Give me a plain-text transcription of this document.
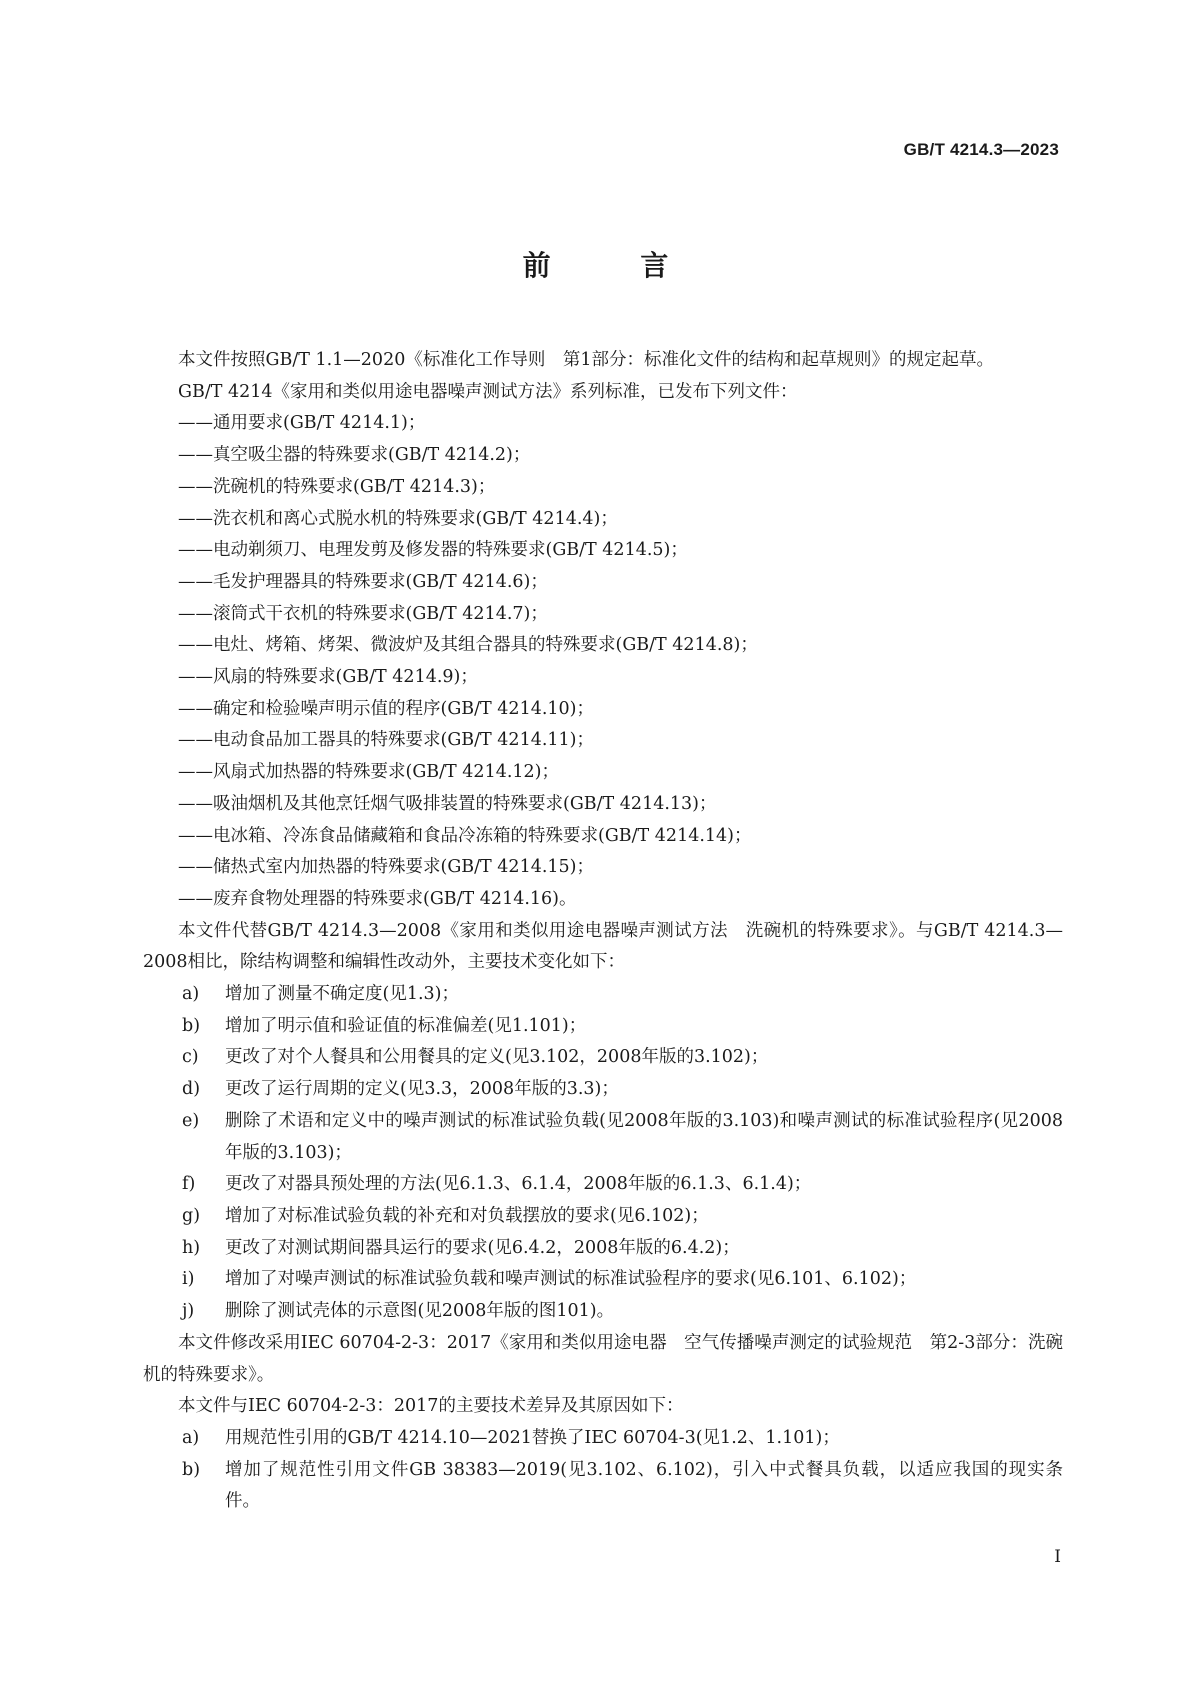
GB/T 4214.3—2023
前 言

本文件按照GB/T 1.1—2020《标准化工作导则　第1部分：标准化文件的结构和起草规则》的规定起草。

GB/T 4214《家用和类似用途电器噪声测试方法》系列标准，已发布下列文件：

——通用要求(GB/T 4214.1)；

——真空吸尘器的特殊要求(GB/T 4214.2)；

——洗碗机的特殊要求(GB/T 4214.3)；

——洗衣机和离心式脱水机的特殊要求(GB/T 4214.4)；

——电动剃须刀、电理发剪及修发器的特殊要求(GB/T 4214.5)；

——毛发护理器具的特殊要求(GB/T 4214.6)；

——滚筒式干衣机的特殊要求(GB/T 4214.7)；

——电灶、烤箱、烤架、微波炉及其组合器具的特殊要求(GB/T 4214.8)；

——风扇的特殊要求(GB/T 4214.9)；

——确定和检验噪声明示值的程序(GB/T 4214.10)；

——电动食品加工器具的特殊要求(GB/T 4214.11)；

——风扇式加热器的特殊要求(GB/T 4214.12)；

——吸油烟机及其他烹饪烟气吸排装置的特殊要求(GB/T 4214.13)；

——电冰箱、冷冻食品储藏箱和食品冷冻箱的特殊要求(GB/T 4214.14)；

——储热式室内加热器的特殊要求(GB/T 4214.15)；

——废弃食物处理器的特殊要求(GB/T 4214.16)。

本文件代替GB/T 4214.3—2008《家用和类似用途电器噪声测试方法　洗碗机的特殊要求》。与GB/T 4214.3—2008相比，除结构调整和编辑性改动外，主要技术变化如下：

a)	增加了测量不确定度(见1.3)；
b)	增加了明示值和验证值的标准偏差(见1.101)；
c)	更改了对个人餐具和公用餐具的定义(见3.102，2008年版的3.102)；
d)	更改了运行周期的定义(见3.3，2008年版的3.3)；
e)	删除了术语和定义中的噪声测试的标准试验负载(见2008年版的3.103)和噪声测试的标准试验程序(见2008年版的3.103)；
f)	更改了对器具预处理的方法(见6.1.3、6.1.4，2008年版的6.1.3、6.1.4)；
g)	增加了对标准试验负载的补充和对负载摆放的要求(见6.102)；
h)	更改了对测试期间器具运行的要求(见6.4.2，2008年版的6.4.2)；
i)	增加了对噪声测试的标准试验负载和噪声测试的标准试验程序的要求(见6.101、6.102)；
j)	删除了测试壳体的示意图(见2008年版的图101)。

本文件修改采用IEC 60704-2-3：2017《家用和类似用途电器　空气传播噪声测定的试验规范　第2-3部分：洗碗机的特殊要求》。

本文件与IEC 60704-2-3：2017的主要技术差异及其原因如下：

a)	用规范性引用的GB/T 4214.10—2021替换了IEC 60704-3(见1.2、1.101)；
b)	增加了规范性引用文件GB 38383—2019(见3.102、6.102)，引入中式餐具负载，以适应我国的现实条件。
I
